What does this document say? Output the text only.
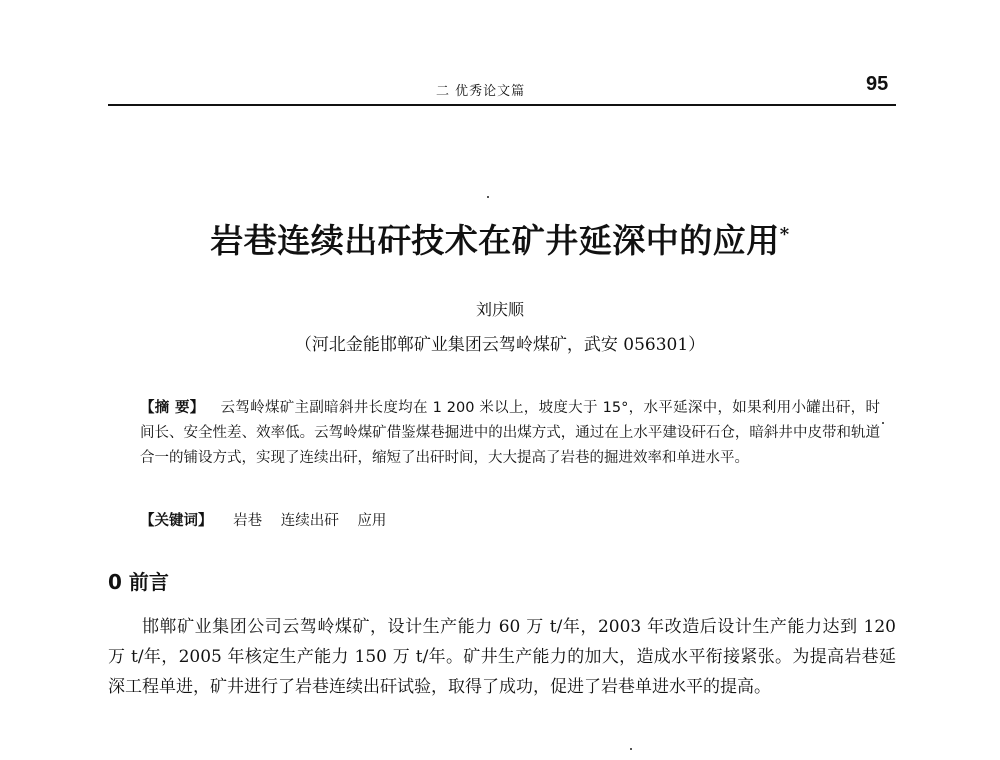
二 优秀论文篇	95
岩巷连续出矸技术在矿井延深中的应用*
刘庆顺
（河北金能邯郸矿业集团云驾岭煤矿，武安 056301）
【摘 要】 云驾岭煤矿主副暗斜井长度均在 1 200 米以上，坡度大于 15°，水平延深中，如果利用小罐出矸，时间长、安全性差、效率低。云驾岭煤矿借鉴煤巷掘进中的出煤方式，通过在上水平建设矸石仓，暗斜井中皮带和轨道合一的铺设方式，实现了连续出矸，缩短了出矸时间，大大提高了岩巷的掘进效率和单进水平。
【关键词】 岩巷 连续出矸 应用
0 前言
邯郸矿业集团公司云驾岭煤矿，设计生产能力 60 万 t/年，2003 年改造后设计生产能力达到 120 万 t/年，2005 年核定生产能力 150 万 t/年。矿井生产能力的加大，造成水平衔接紧张。为提高岩巷延深工程单进，矿井进行了岩巷连续出矸试验，取得了成功，促进了岩巷单进水平的提高。
